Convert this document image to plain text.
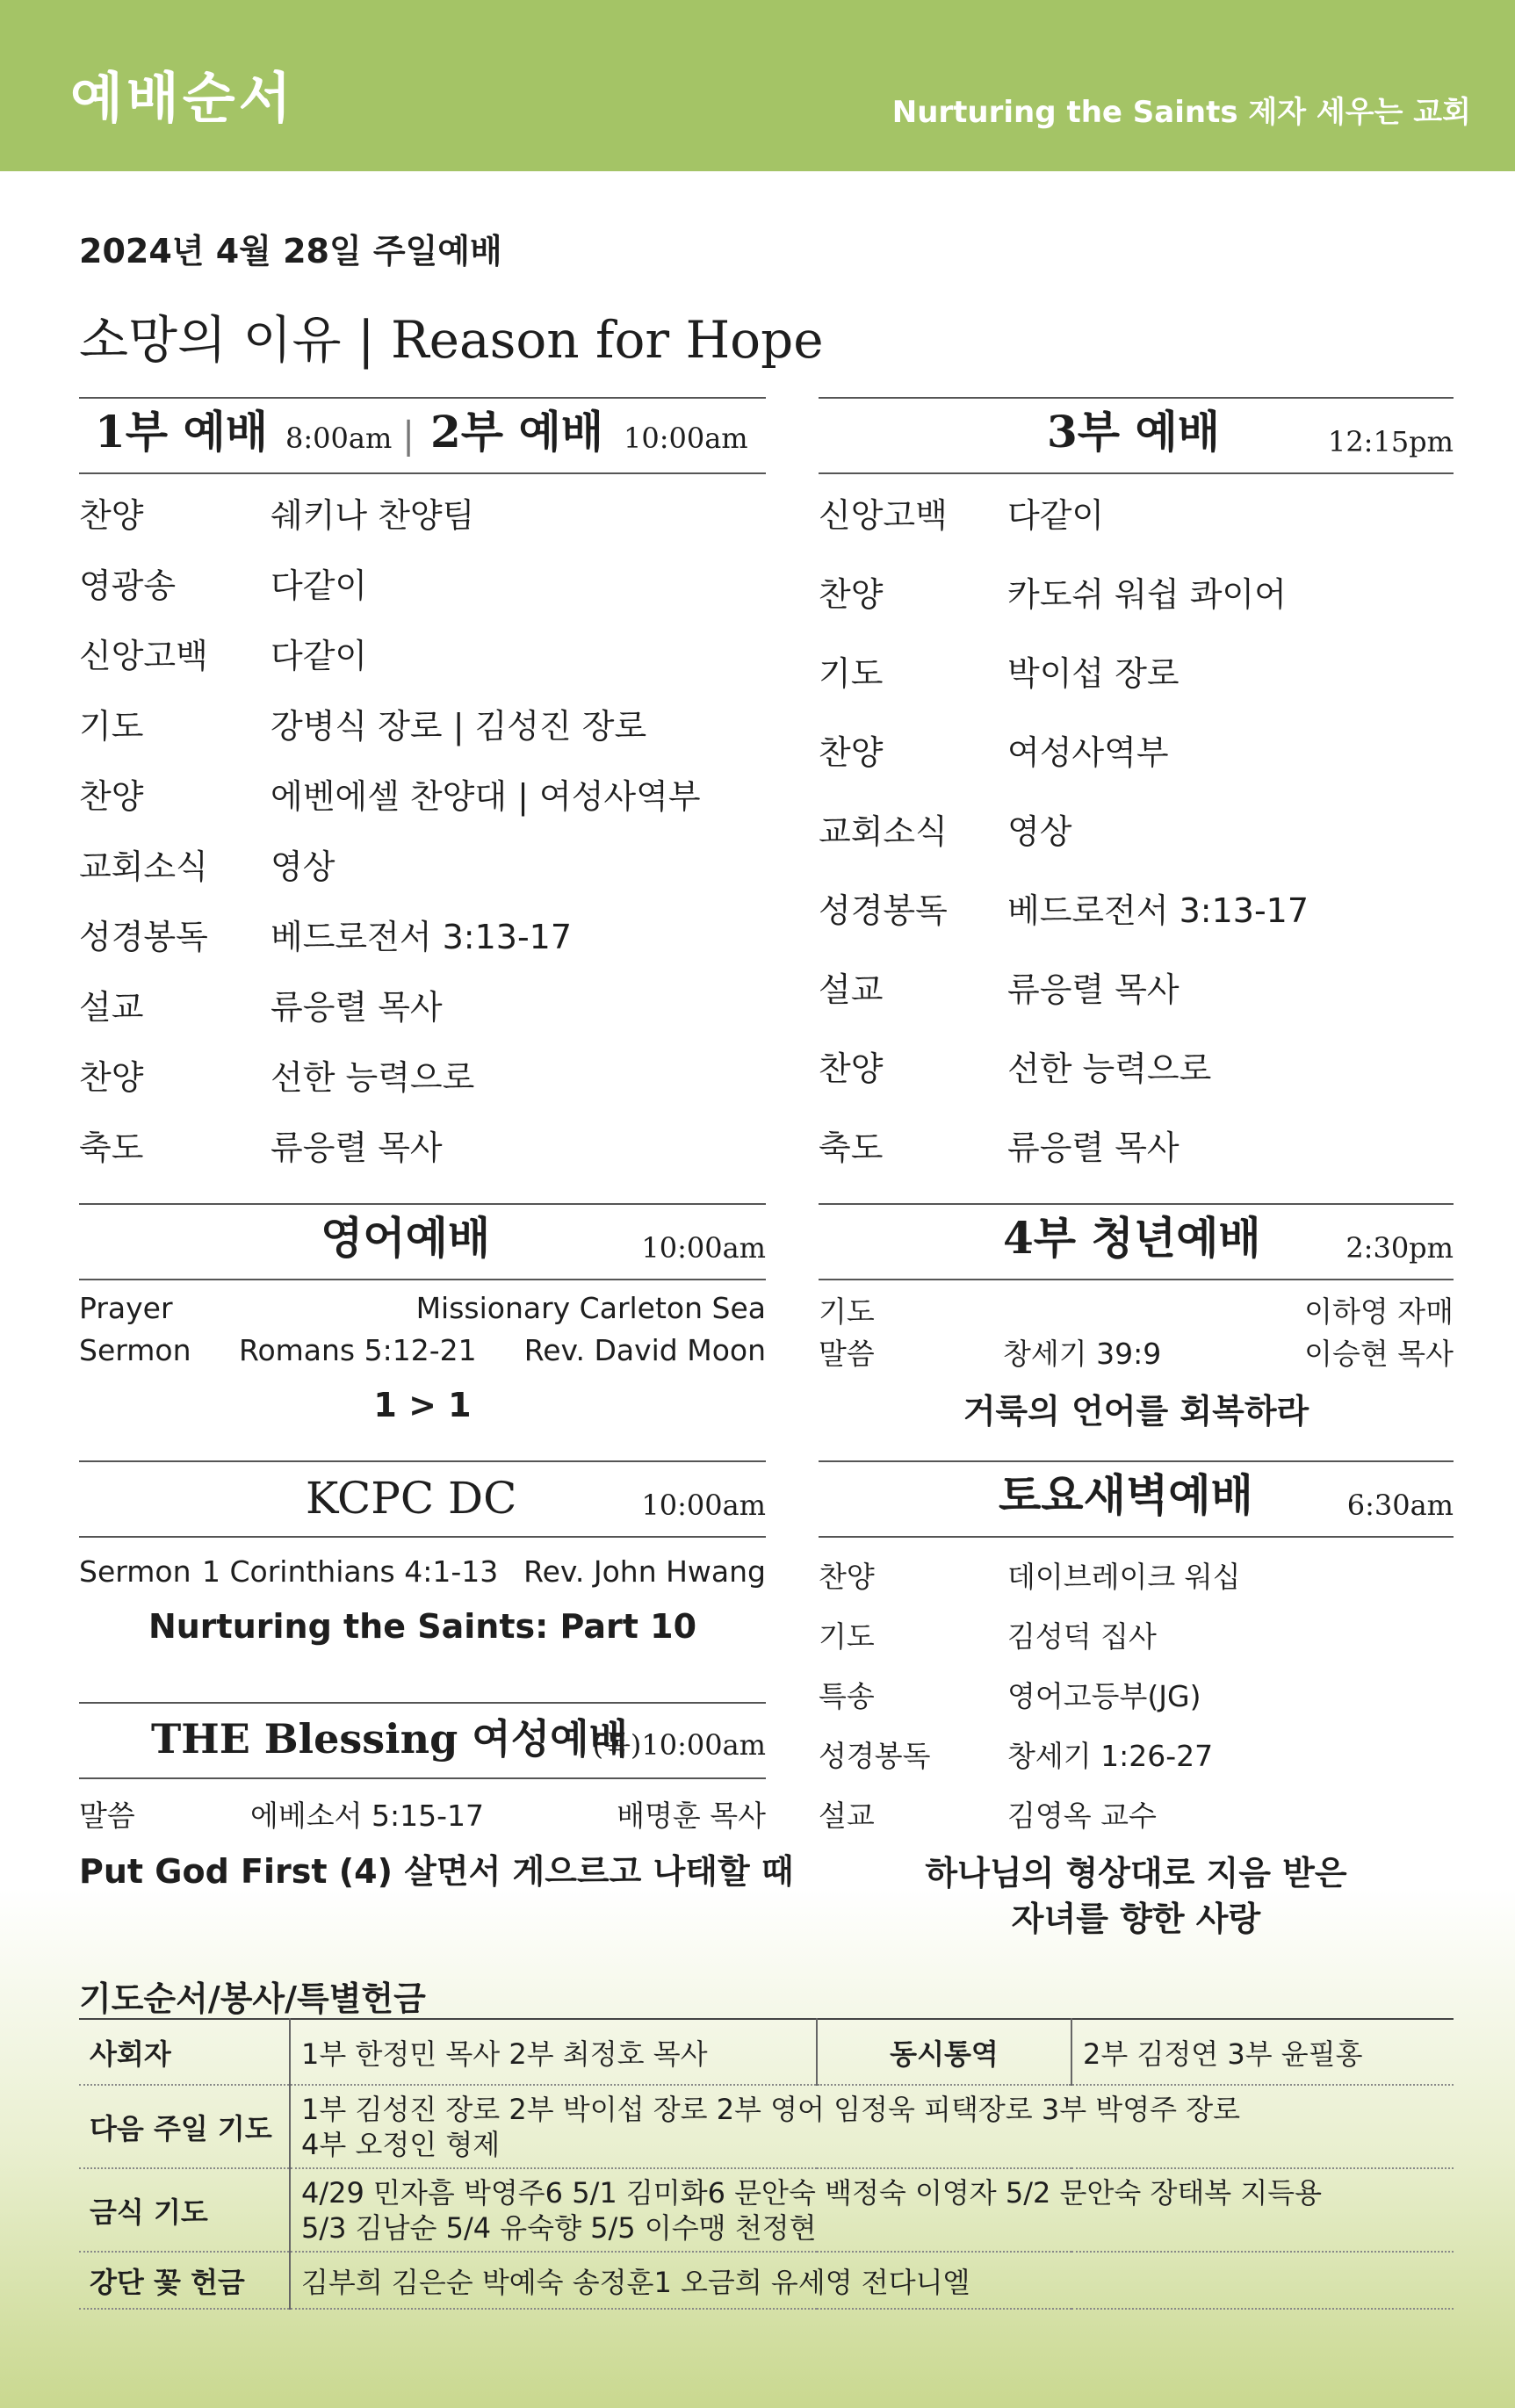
예배순서	Nurturing the Saints 제자 세우는 교회
2024년 4월 28일 주일예배
소망의 이유 | Reason for Hope
1부 예배 8:00am | 2부 예배 10:00am
찬양	쉐키나 찬양팀
영광송	다같이
신앙고백 다같이
기도	강병식 장로 | 김성진 장로
찬양	에벤에셀 찬양대 | 여성사역부
교회소식 영상
성경봉독 베드로전서 3:13-17
설교	류응렬 목사
찬양	선한 능력으로
축도	류응렬 목사
3부 예배	12:15pm
신앙고백 다같이
찬양	카도쉬 워쉽 콰이어
기도	박이섭 장로
찬양	여성사역부
교회소식 영상
성경봉독 베드로전서 3:13-17
설교	류응렬 목사
찬양	선한 능력으로
축도	류응렬 목사
영어예배	10:00am
Prayer	Missionary Carleton Sea
Sermon Romans 5:12-21 Rev. David Moon
1 > 1
4부 청년예배	2:30pm
기도	이하영 자매
말씀	창세기 39:9	이승현 목사
거룩의 언어를 회복하라
KCPC DC	10:00am
Sermon 1 Corinthians 4:1-13 Rev. John Hwang
Nurturing the Saints: Part 10
토요새벽예배	6:30am
찬양	데이브레이크 워십
기도	김성덕 집사
특송	영어고등부(JG)
성경봉독	창세기 1:26-27
설교	김영옥 교수
하나님의 형상대로 지음 받은
자녀를 향한 사랑
THE Blessing 여성예배
(목)10:00am
말씀	에베소서 5:15-17	배명훈 목사
Put God First (4) 살면서 게으르고 나태할 때
기도순서/봉사/특별헌금
사회자	1부 한정민 목사 2부 최정호 목사	동시통역	2부 김정연 3부 윤필홍
다음 주일 기도	1부 김성진 장로 2부 박이섭 장로 2부 영어 임정욱 피택장로 3부 박영주 장로
4부 오정인 형제		

금식 기도	4/29 민자흠 박영주6 5/1 김미화6 문안숙 백정숙 이영자 5/2 문안숙 장태복 지득용
5/3 김남순 5/4 유숙향 5/5 이수맹 천정현		

강단 꽃 헌금	김부희 김은순 박예숙 송정훈1 오금희 유세영 전다니엘		
